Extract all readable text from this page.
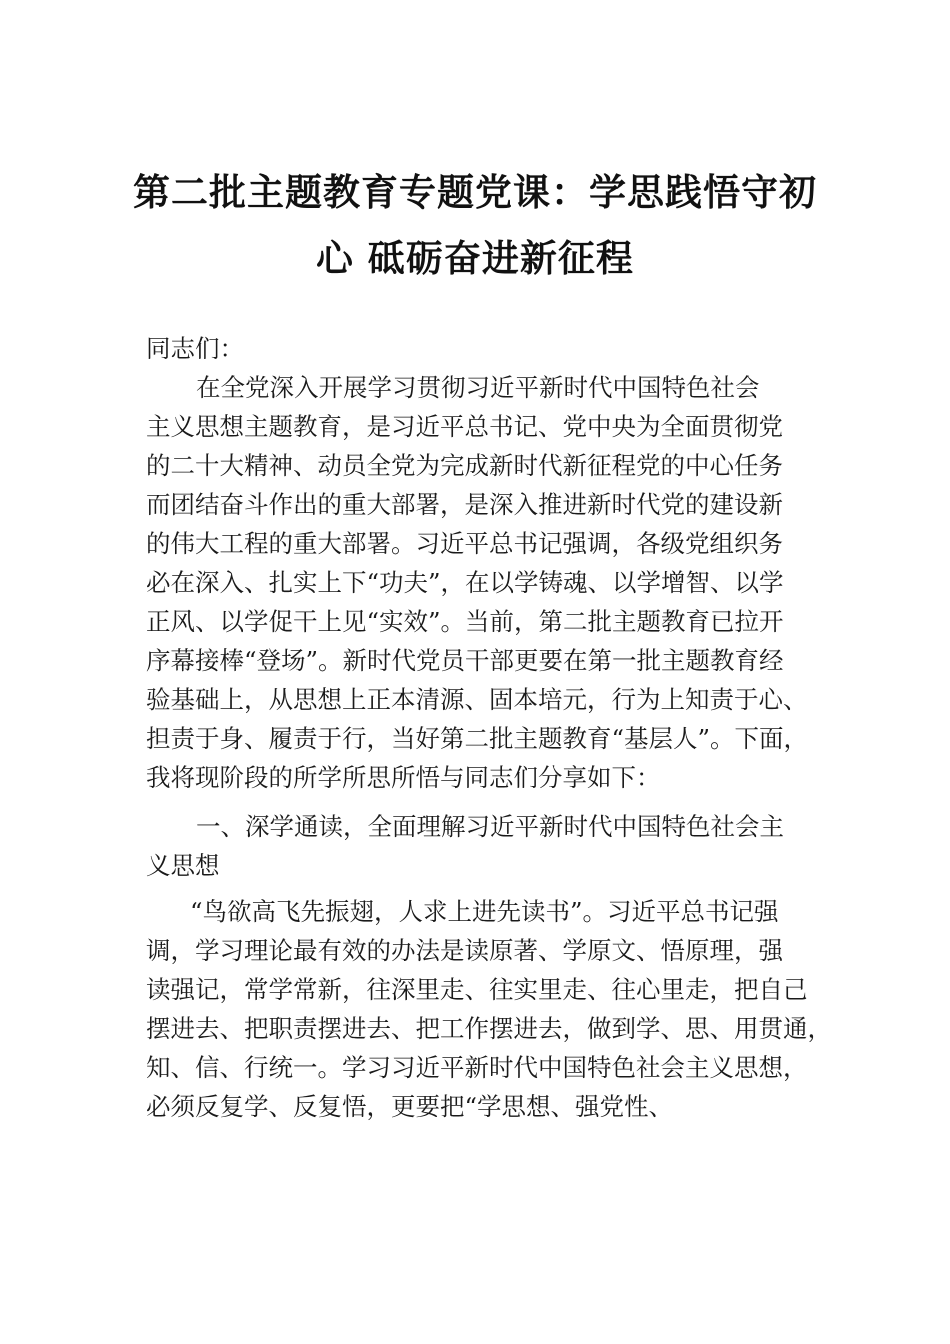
第二批主题教育专题党课：学思践悟守初
心 砥砺奋进新征程
同志们：
在全党深入开展学习贯彻习近平新时代中国特色社会
主义思想主题教育，是习近平总书记、党中央为全面贯彻党
的二十大精神、动员全党为完成新时代新征程党的中心任务
而团结奋斗作出的重大部署，是深入推进新时代党的建设新
的伟大工程的重大部署。习近平总书记强调，各级党组织务
必在深入、扎实上下“功夫”，在以学铸魂、以学增智、以学
正风、以学促干上见“实效”。当前，第二批主题教育已拉开
序幕接棒“登场”。新时代党员干部更要在第一批主题教育经
验基础上，从思想上正本清源、固本培元，行为上知责于心、
担责于身、履责于行，当好第二批主题教育“基层人”。下面，
我将现阶段的所学所思所悟与同志们分享如下：
一、深学通读，全面理解习近平新时代中国特色社会主
义思想
“鸟欲高飞先振翅，人求上进先读书”。习近平总书记强
调，学习理论最有效的办法是读原著、学原文、悟原理，强
读强记，常学常新，往深里走、往实里走、往心里走，把自己
摆进去、把职责摆进去、把工作摆进去，做到学、思、用贯通，
知、信、行统一。学习习近平新时代中国特色社会主义思想，
必须反复学、反复悟，更要把“学思想、强党性、
